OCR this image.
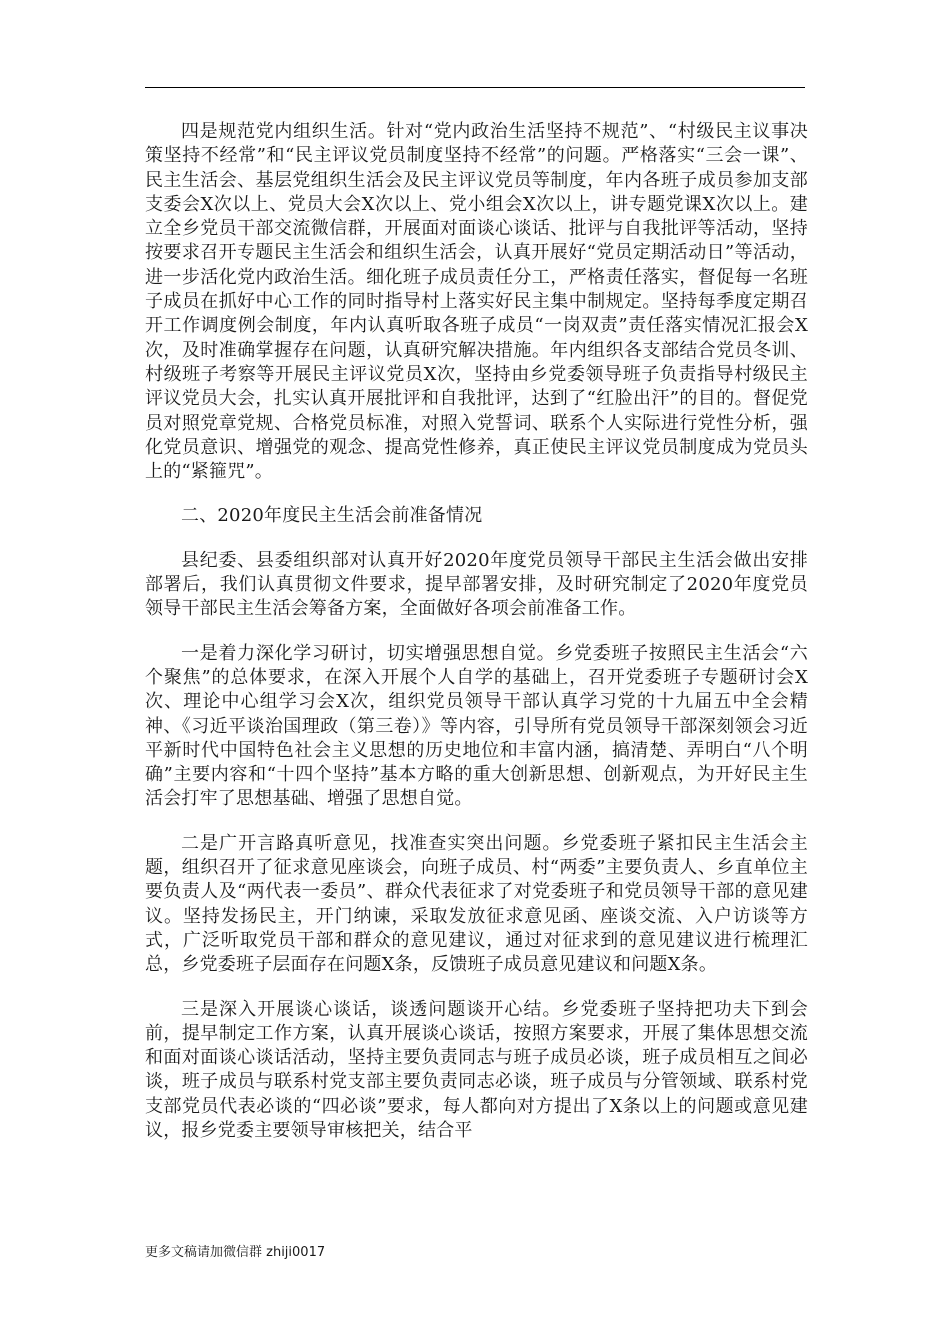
四是规范党内组织生活。针对“党内政治生活坚持不规范”、“村级民主议事决策坚持不经常”和“民主评议党员制度坚持不经常”的问题。严格落实“三会一课”、民主生活会、基层党组织生活会及民主评议党员等制度，年内各班子成员参加支部支委会X次以上、党员大会X次以上、党小组会X次以上，讲专题党课X次以上。建立全乡党员干部交流微信群，开展面对面谈心谈话、批评与自我批评等活动，坚持按要求召开专题民主生活会和组织生活会，认真开展好“党员定期活动日”等活动，进一步活化党内政治生活。细化班子成员责任分工，严格责任落实，督促每一名班子成员在抓好中心工作的同时指导村上落实好民主集中制规定。坚持每季度定期召开工作调度例会制度，年内认真听取各班子成员“一岗双责”责任落实情况汇报会X次，及时准确掌握存在问题，认真研究解决措施。年内组织各支部结合党员冬训、村级班子考察等开展民主评议党员X次，坚持由乡党委领导班子负责指导村级民主评议党员大会，扎实认真开展批评和自我批评，达到了“红脸出汗”的目的。督促党员对照党章党规、合格党员标准，对照入党誓词、联系个人实际进行党性分析，强化党员意识、增强党的观念、提高党性修养，真正使民主评议党员制度成为党员头上的“紧箍咒”。

二、2020年度民主生活会前准备情况

县纪委、县委组织部对认真开好2020年度党员领导干部民主生活会做出安排部署后，我们认真贯彻文件要求，提早部署安排，及时研究制定了2020年度党员领导干部民主生活会筹备方案，全面做好各项会前准备工作。

一是着力深化学习研讨，切实增强思想自觉。乡党委班子按照民主生活会“六个聚焦”的总体要求，在深入开展个人自学的基础上，召开党委班子专题研讨会X次、理论中心组学习会X次，组织党员领导干部认真学习党的十九届五中全会精神、《习近平谈治国理政（第三卷）》等内容，引导所有党员领导干部深刻领会习近平新时代中国特色社会主义思想的历史地位和丰富内涵，搞清楚、弄明白“八个明确”主要内容和“十四个坚持”基本方略的重大创新思想、创新观点，为开好民主生活会打牢了思想基础、增强了思想自觉。

二是广开言路真听意见，找准查实突出问题。乡党委班子紧扣民主生活会主题，组织召开了征求意见座谈会，向班子成员、村“两委”主要负责人、乡直单位主要负责人及“两代表一委员”、群众代表征求了对党委班子和党员领导干部的意见建议。坚持发扬民主，开门纳谏，采取发放征求意见函、座谈交流、入户访谈等方式，广泛听取党员干部和群众的意见建议，通过对征求到的意见建议进行梳理汇总，乡党委班子层面存在问题X条，反馈班子成员意见建议和问题X条。

三是深入开展谈心谈话，谈透问题谈开心结。乡党委班子坚持把功夫下到会前，提早制定工作方案，认真开展谈心谈话，按照方案要求，开展了集体思想交流和面对面谈心谈话活动，坚持主要负责同志与班子成员必谈，班子成员相互之间必谈，班子成员与联系村党支部主要负责同志必谈，班子成员与分管领域、联系村党支部党员代表必谈的“四必谈”要求，每人都向对方提出了X条以上的问题或意见建议，报乡党委主要领导审核把关，结合平

更多文稿请加微信群 zhiji0017
